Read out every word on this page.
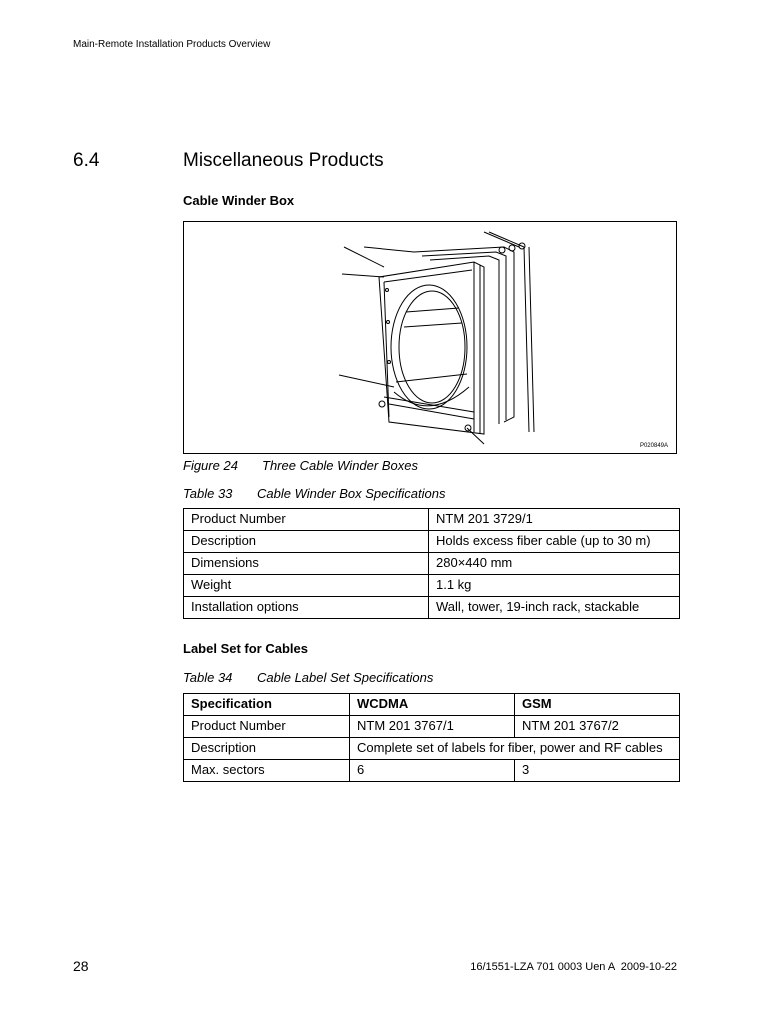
Main-Remote Installation Products Overview
6.4	Miscellaneous Products
Cable Winder Box
P020849A
Figure 24 Three Cable Winder Boxes
Table 33 Cable Winder Box Specifications
Product Number	NTM 201 3729/1
Description	Holds excess fiber cable (up to 30 m)
Dimensions	280×440 mm
Weight	1.1 kg
Installation options	Wall, tower, 19-inch rack, stackable
Label Set for Cables
Table 34 Cable Label Set Specifications
Specification	WCDMA	GSM
Product Number	NTM 201 3767/1	NTM 201 3767/2
Description	Complete set of labels for fiber, power and RF cables	
Max. sectors	6	3
28	16/1551-LZA 701 0003 Uen A  2009-10-22
